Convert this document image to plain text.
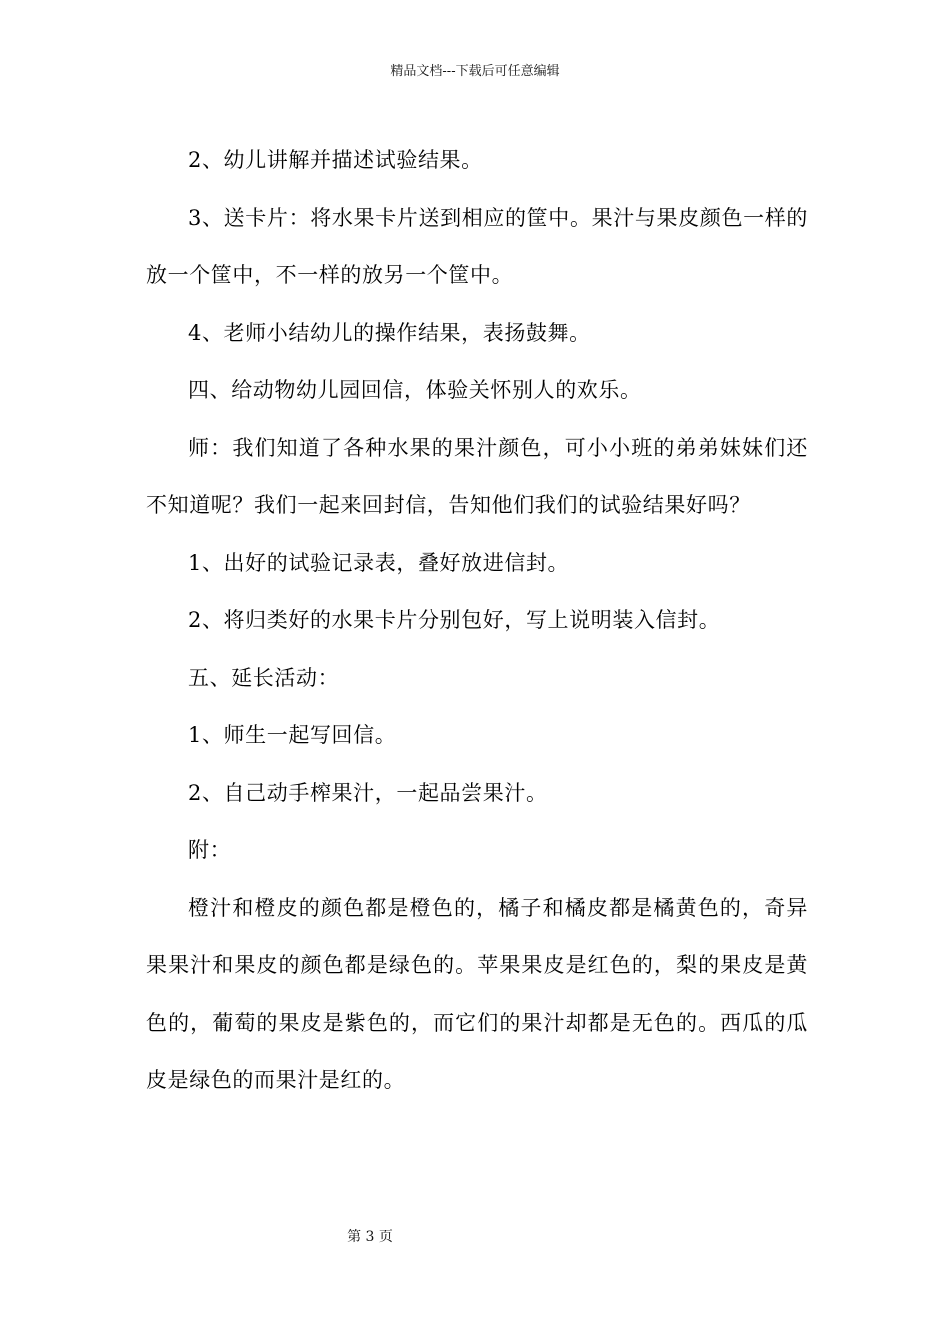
精品文档---下载后可任意编辑

2、幼儿讲解并描述试验结果。

3、送卡片：将水果卡片送到相应的筐中。果汁与果皮颜色一样的放一个筐中，不一样的放另一个筐中。

4、老师小结幼儿的操作结果，表扬鼓舞。

四、给动物幼儿园回信，体验关怀别人的欢乐。

师：我们知道了各种水果的果汁颜色，可小小班的弟弟妹妹们还不知道呢？我们一起来回封信，告知他们我们的试验结果好吗？

1、出好的试验记录表，叠好放进信封。

2、将归类好的水果卡片分别包好，写上说明装入信封。

五、延长活动：

1、师生一起写回信。

2、自己动手榨果汁，一起品尝果汁。

附：

橙汁和橙皮的颜色都是橙色的，橘子和橘皮都是橘黄色的，奇异果果汁和果皮的颜色都是绿色的。苹果果皮是红色的，梨的果皮是黄色的，葡萄的果皮是紫色的，而它们的果汁却都是无色的。西瓜的瓜皮是绿色的而果汁是红的。

第 3 页
